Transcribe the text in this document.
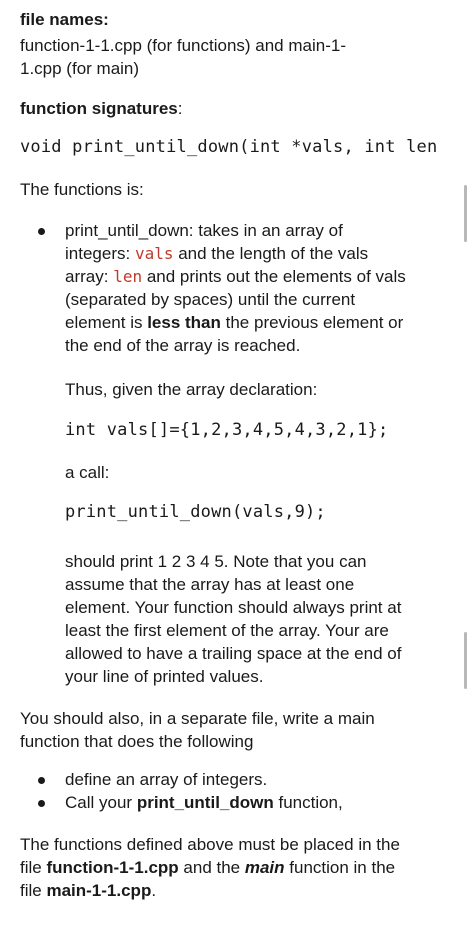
file names:
function-1-1.cpp (for functions) and main-1-
1.cpp (for main)
function signatures:
void print_until_down(int *vals, int len
The functions is:
print_until_down: takes in an array of
integers: vals and the length of the vals
array: len and prints out the elements of vals
(separated by spaces) until the current
element is less than the previous element or
the end of the array is reached.
Thus, given the array declaration:
int vals[]={1,2,3,4,5,4,3,2,1};
a call:
print_until_down(vals,9);
should print 1 2 3 4 5. Note that you can
assume that the array has at least one
element. Your function should always print at
least the first element of the array. Your are
allowed to have a trailing space at the end of
your line of printed values.
You should also, in a separate file, write a main
function that does the following
define an array of integers.
Call your print_until_down function,
The functions defined above must be placed in the
file function-1-1.cpp and the main function in the
file main-1-1.cpp.
